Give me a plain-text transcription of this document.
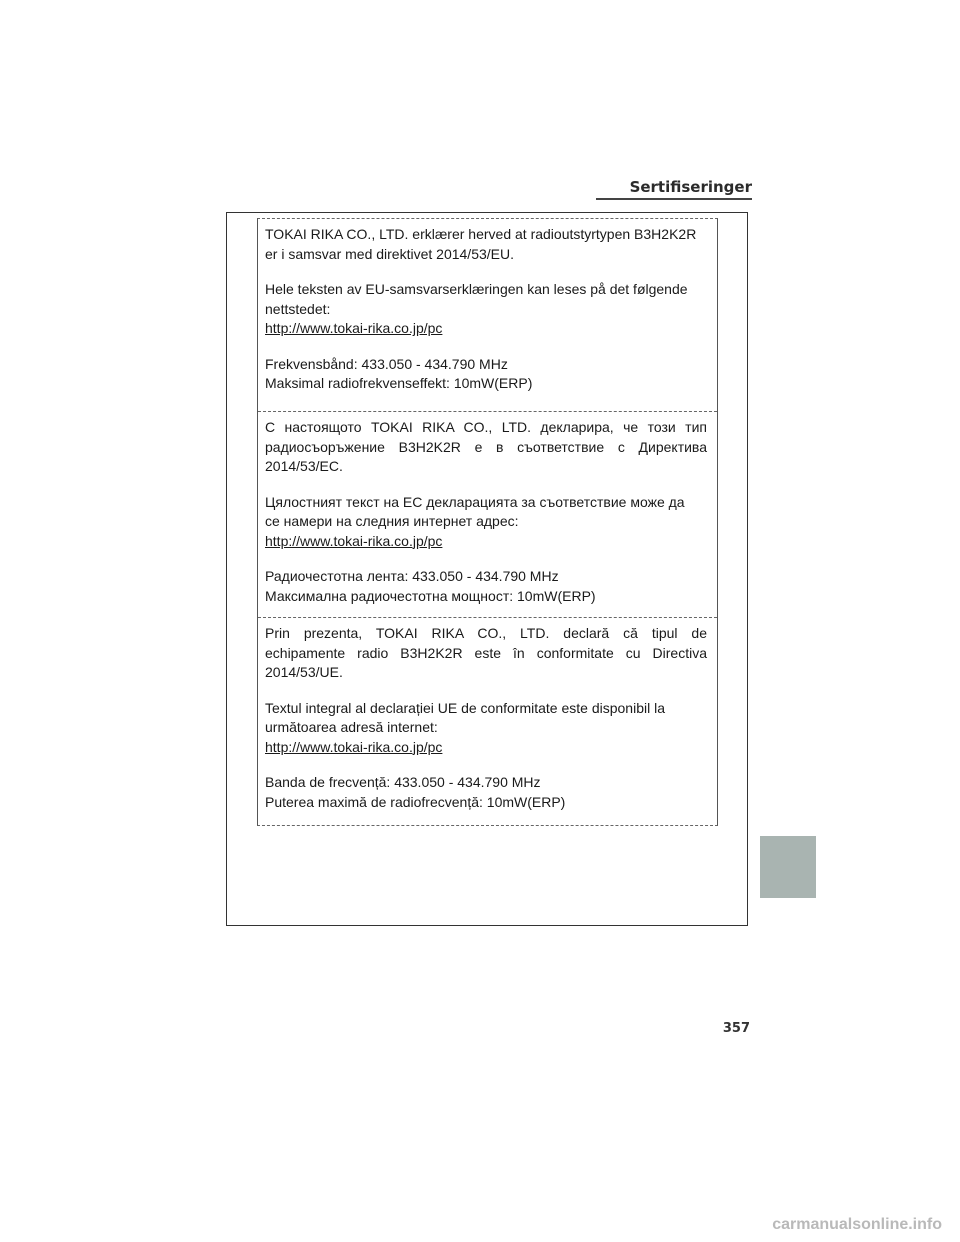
Sertifiseringer

TOKAI RIKA CO., LTD. erklærer herved at radioutstyrtypen B3H2K2R

er i samsvar med direktivet 2014/53/EU.

Hele teksten av EU-samsvarserklæringen kan leses på det følgende

nettstedet:

http://www.tokai-rika.co.jp/pc

Frekvensbånd: 433.050 - 434.790 MHz

Maksimal radiofrekvenseffekt: 10mW(ERP)

С настоящото TOKAI RIKA CO., LTD. декларира, че този тип

радиосъоръжение B3H2K2R е в съответствие с Директива

2014/53/ЕС.

Цялостният текст на ЕС декларацията за съответствие може да

се намери на следния интернет адрес:

http://www.tokai-rika.co.jp/pc

Радиочестотна лента: 433.050 - 434.790 MHz

Максимална радиочестотна мощност: 10mW(ERP)

Prin prezenta, TOKAI RIKA CO., LTD. declară că tipul de

echipamente radio B3H2K2R este în conformitate cu Directiva

2014/53/UE.

Textul integral al declarației UE de conformitate este disponibil la

următoarea adresă internet:

http://www.tokai-rika.co.jp/pc

Banda de frecvență: 433.050 - 434.790 MHz

Puterea maximă de radiofrecvență: 10mW(ERP)

357
carmanualsonline.info
